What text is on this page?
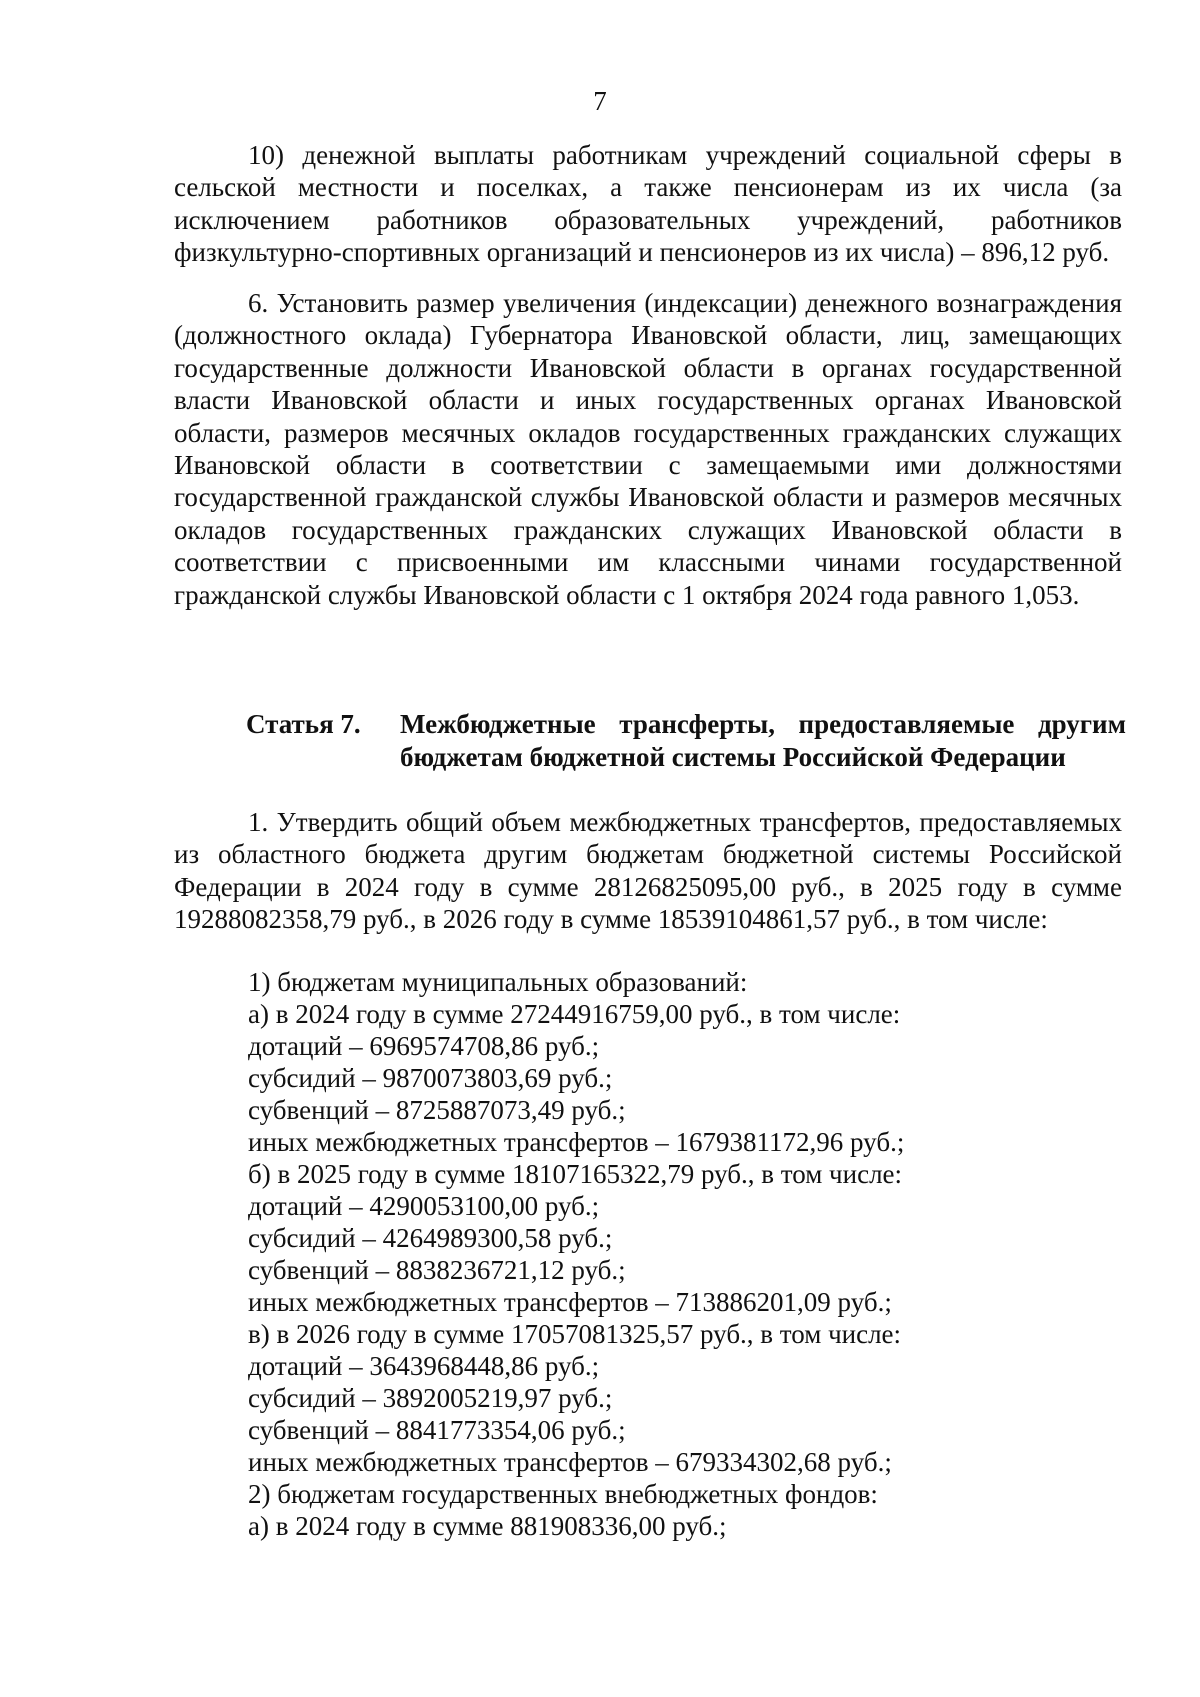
7
10) денежной выплаты работникам учреждений социальной сферы в сельской местности и поселках, а также пенсионерам из их числа (за исключением работников образовательных учреждений, работников физкультурно-спортивных организаций и пенсионеров из их числа) – 896,12 руб.
6. Установить размер увеличения (индексации) денежного вознаграждения (должностного оклада) Губернатора Ивановской области, лиц, замещающих государственные должности Ивановской области в органах государственной власти Ивановской области и иных государственных органах Ивановской области, размеров месячных окладов государственных гражданских служащих Ивановской области в соответствии с замещаемыми ими должностями государственной гражданской службы Ивановской области и размеров месячных окладов государственных гражданских служащих Ивановской области в соответствии с присвоенными им классными чинами государственной гражданской службы Ивановской области с 1 октября 2024 года равного 1,053.
Статья 7. Межбюджетные трансферты, предоставляемые другим бюджетам бюджетной системы Российской Федерации
1. Утвердить общий объем межбюджетных трансфертов, предоставляемых из областного бюджета другим бюджетам бюджетной системы Российской Федерации в 2024 году в сумме 28126825095,00 руб., в 2025 году в сумме 19288082358,79 руб., в 2026 году в сумме 18539104861,57 руб., в том числе:
1) бюджетам муниципальных образований:
а) в 2024 году в сумме 27244916759,00 руб., в том числе:
дотаций – 6969574708,86 руб.;
субсидий – 9870073803,69 руб.;
субвенций – 8725887073,49 руб.;
иных межбюджетных трансфертов – 1679381172,96 руб.;
б) в 2025 году в сумме 18107165322,79 руб., в том числе:
дотаций – 4290053100,00 руб.;
субсидий – 4264989300,58 руб.;
субвенций – 8838236721,12 руб.;
иных межбюджетных трансфертов – 713886201,09 руб.;
в) в 2026 году в сумме 17057081325,57 руб., в том числе:
дотаций – 3643968448,86 руб.;
субсидий – 3892005219,97 руб.;
субвенций – 8841773354,06 руб.;
иных межбюджетных трансфертов – 679334302,68 руб.;
2) бюджетам государственных внебюджетных фондов:
а) в 2024 году в сумме 881908336,00 руб.;
